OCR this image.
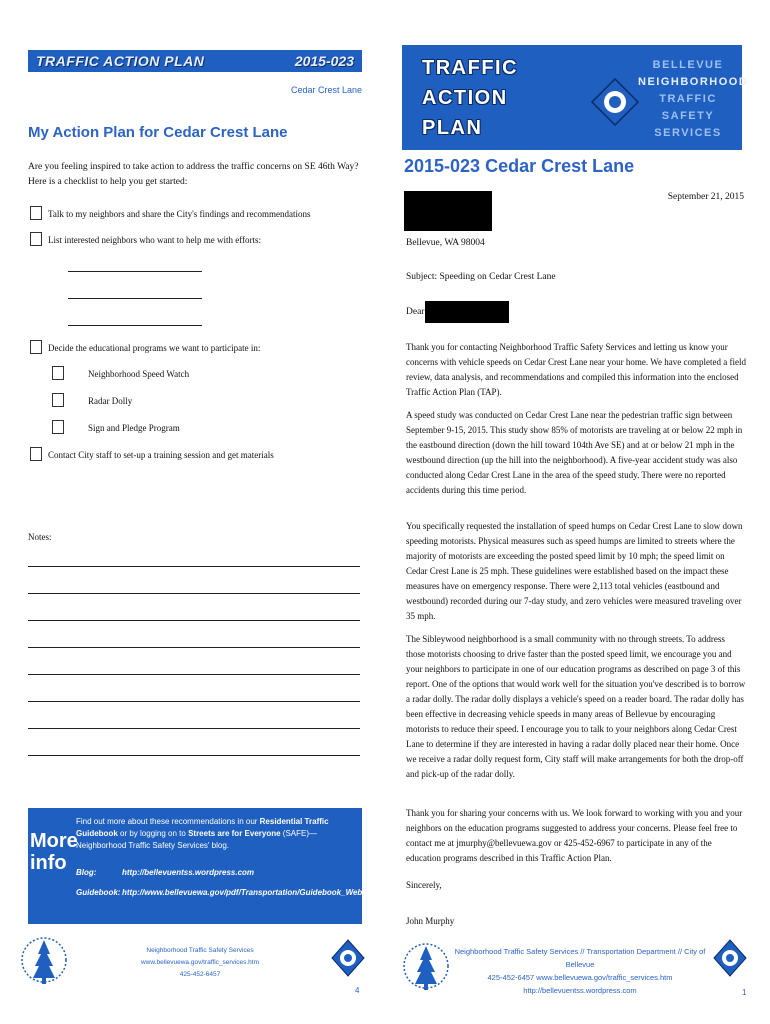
TRAFFIC ACTION PLAN	2015-023
Cedar Crest Lane
My Action Plan for Cedar Crest Lane
Are you feeling inspired to take action to address the traffic concerns on SE 46th Way? Here is a checklist to help you get started:
Talk to my neighbors and share the City's findings and recommendations
List interested neighbors who want to help me with efforts:
Decide the educational programs we want to participate in:
Neighborhood Speed Watch
Radar Dolly
Sign and Pledge Program
Contact City staff to set-up a training session and get materials
Notes:
More
info
Find out more about these recommendations in our Residential Traffic Guidebook or by logging on to Streets are for Everyone (SAFE)—Neighborhood Traffic Safety Services' blog.
Blog:	http://bellevuentss.wordpress.com
Guidebook: http://www.bellevuewa.gov/pdf/Transportation/Guidebook_Web.pdf
Neighborhood Traffic Safety Services
www.bellevuewa.gov/traffic_services.htm
425-452-6457
4
TRAFFIC
ACTION
PLAN
BELLEVUE
NEIGHBORHOOD
TRAFFIC
SAFETY
SERVICES
2015-023 Cedar Crest Lane
September 21, 2015
Bellevue, WA 98004
Subject: Speeding on Cedar Crest Lane
Dear
Thank you for contacting Neighborhood Traffic Safety Services and letting us know your concerns with vehicle speeds on Cedar Crest Lane near your home. We have completed a field review, data analysis, and recommendations and compiled this information into the enclosed Traffic Action Plan (TAP).
A speed study was conducted on Cedar Crest Lane near the pedestrian traffic sign between September 9-15, 2015. This study show 85% of motorists are traveling at or below 22 mph in the eastbound direction (down the hill toward 104th Ave SE) and at or below 21 mph in the westbound direction (up the hill into the neighborhood). A five-year accident study was also conducted along Cedar Crest Lane in the area of the speed study. There were no reported accidents during this time period.
You specifically requested the installation of speed humps on Cedar Crest Lane to slow down speeding motorists. Physical measures such as speed humps are limited to streets where the majority of motorists are exceeding the posted speed limit by 10 mph; the speed limit on Cedar Crest Lane is 25 mph. These guidelines were established based on the impact these measures have on emergency response. There were 2,113 total vehicles (eastbound and westbound) recorded during our 7-day study, and zero vehicles were measured traveling over 35 mph.
The Sibleywood neighborhood is a small community with no through streets. To address those motorists choosing to drive faster than the posted speed limit, we encourage you and your neighbors to participate in one of our education programs as described on page 3 of this report. One of the options that would work well for the situation you've described is to borrow a radar dolly. The radar dolly displays a vehicle's speed on a reader board. The radar dolly has been effective in decreasing vehicle speeds in many areas of Bellevue by encouraging motorists to reduce their speed. I encourage you to talk to your neighbors along Cedar Crest Lane to determine if they are interested in having a radar dolly placed near their home. Once we receive a radar dolly request form, City staff will make arrangements for both the drop-off and pick-up of the radar dolly.
Thank you for sharing your concerns with us. We look forward to working with you and your neighbors on the education programs suggested to address your concerns. Please feel free to contact me at jmurphy@bellevuewa.gov or 425-452-6967 to participate in any of the education programs described in this Traffic Action Plan.
Sincerely,
John Murphy
Neighborhood Traffic Safety Services // Transportation Department // City of Bellevue
425-452-6457 www.bellevuewa.gov/traffic_services.htm
http://bellevuentss.wordpress.com	1
